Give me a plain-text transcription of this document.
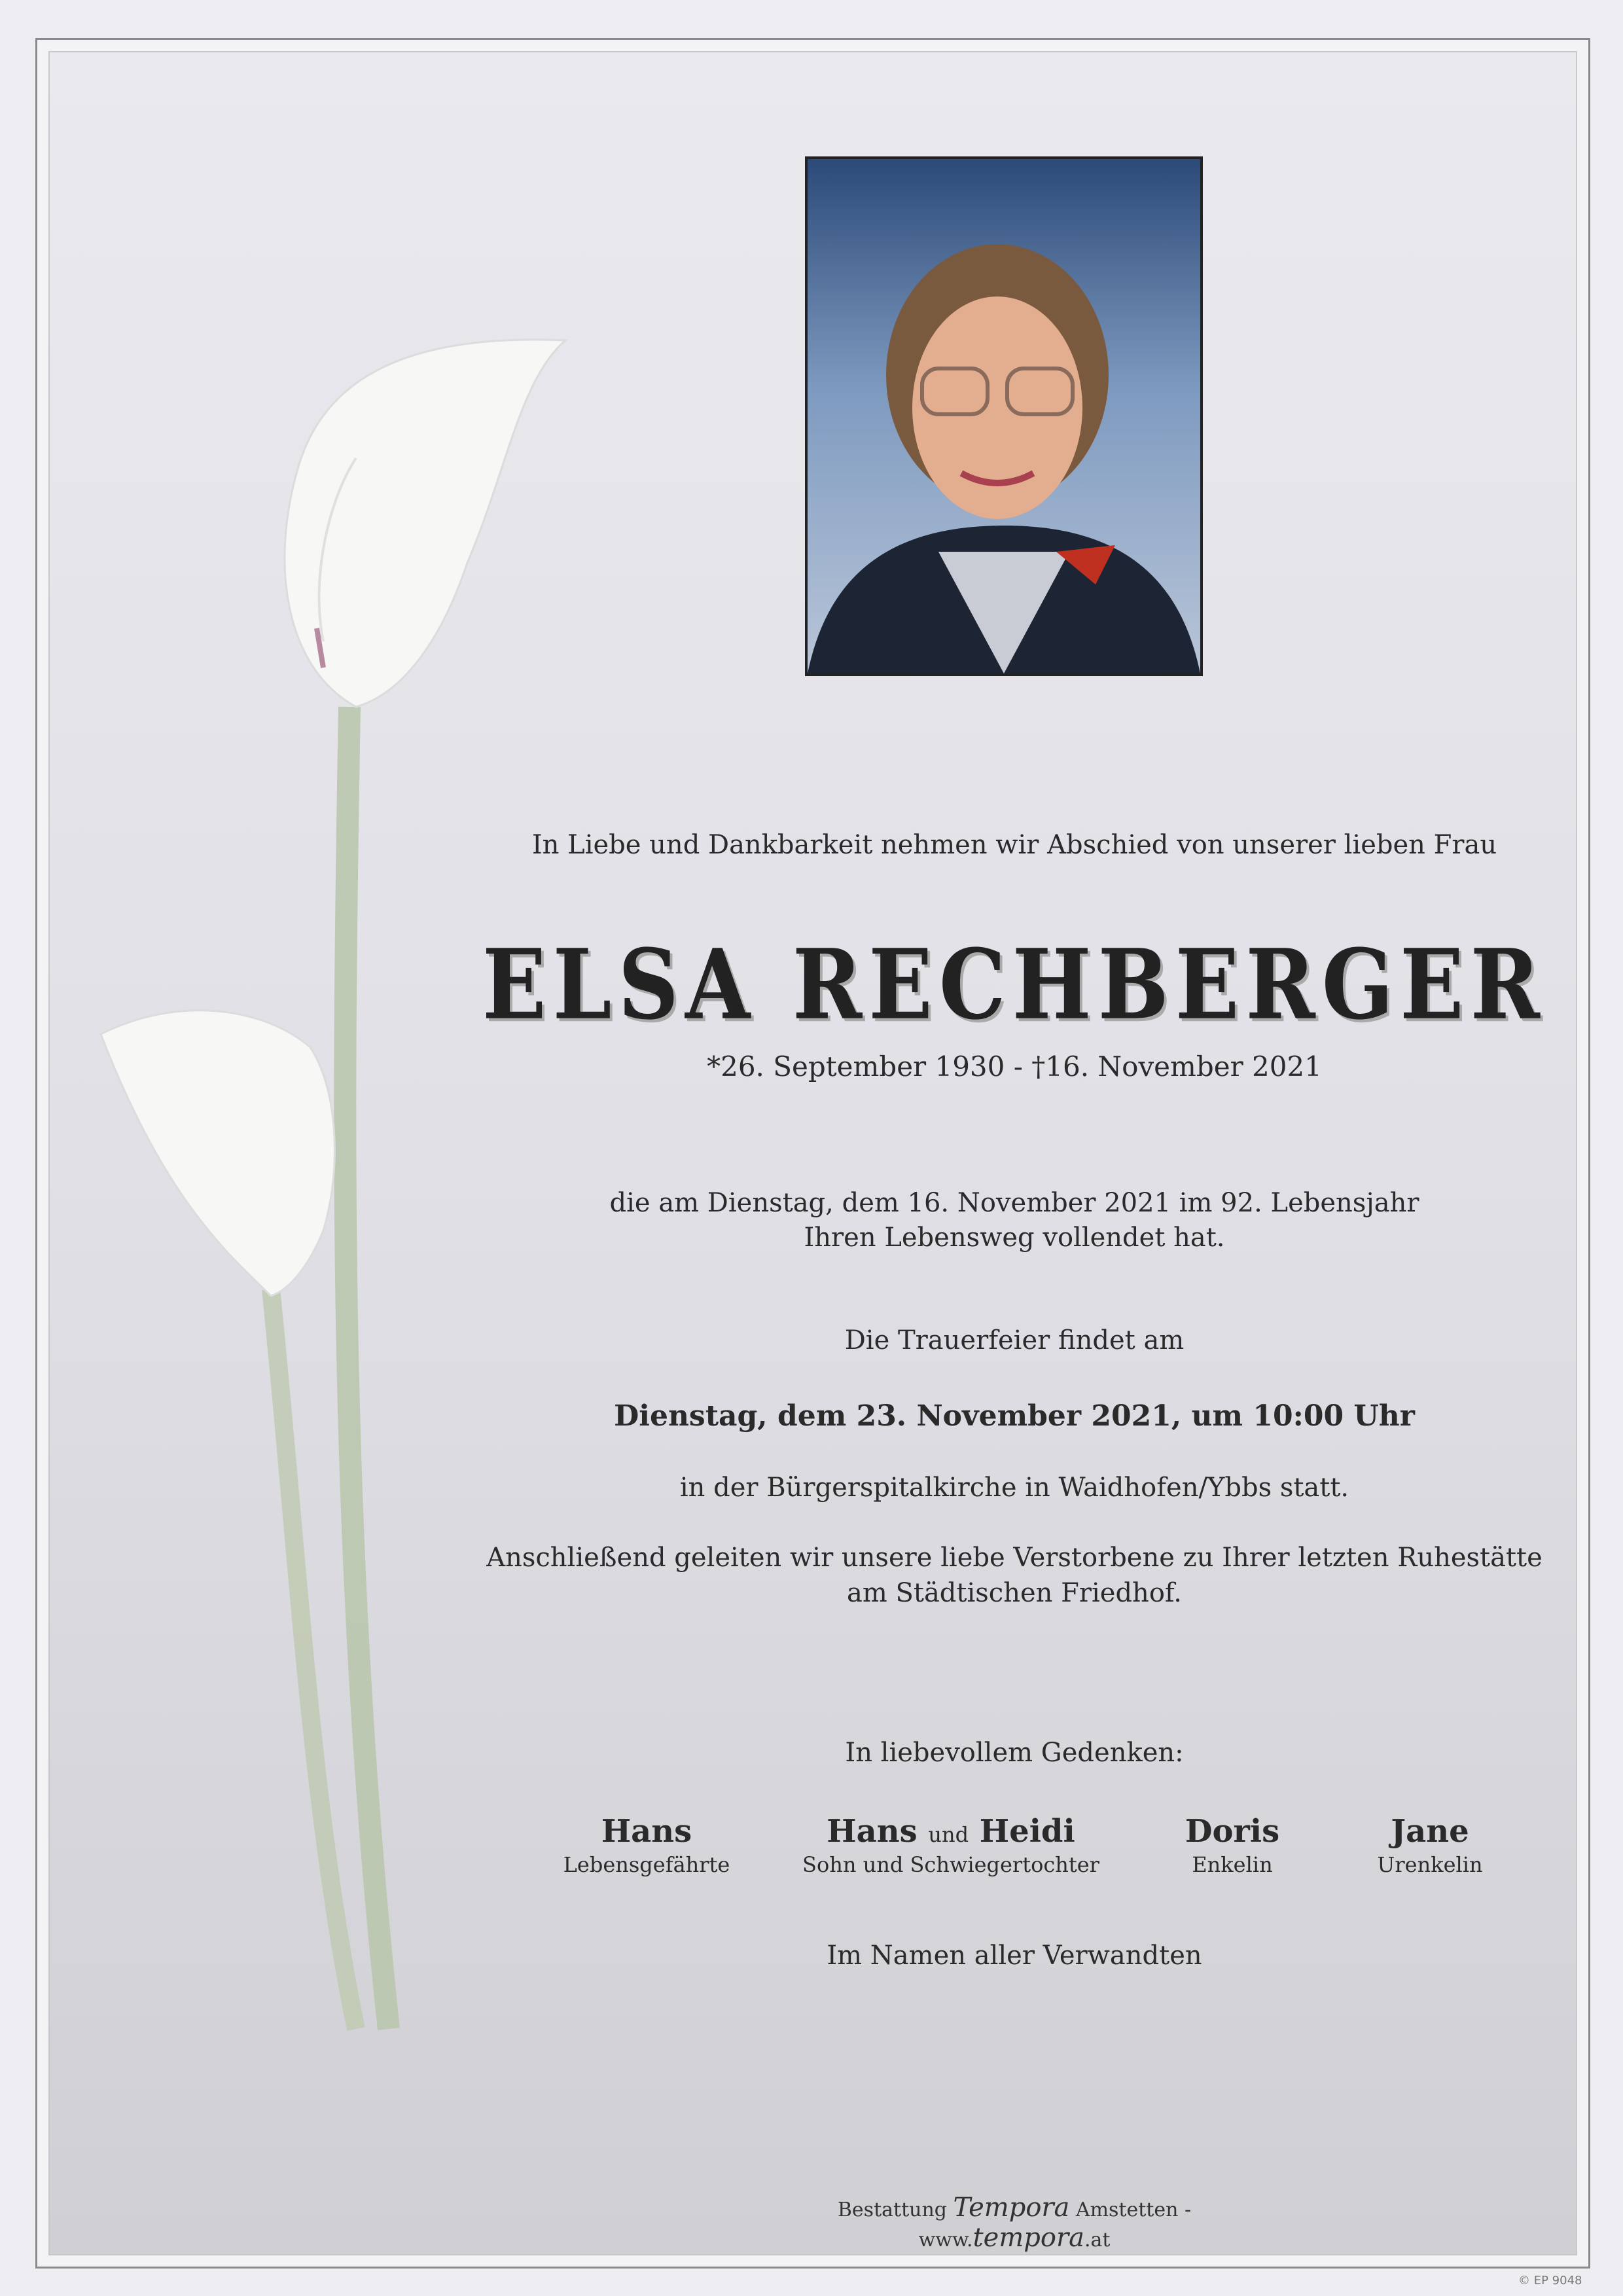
In Liebe und Dankbarkeit nehmen wir Abschied von unserer lieben Frau
ELSA RECHBERGER
*26. September 1930 - †16. November 2021
die am Dienstag, dem 16. November 2021 im 92. Lebensjahr
Ihren Lebensweg vollendet hat.
Die Trauerfeier findet am
Dienstag, dem 23. November 2021, um 10:00 Uhr
in der Bürgerspitalkirche in Waidhofen/Ybbs statt.
Anschließend geleiten wir unsere liebe Verstorbene zu Ihrer letzten Ruhestätte
am Städtischen Friedhof.
In liebevollem Gedenken:
Hans
Lebensgefährte
Hans und Heidi
Sohn und Schwiegertochter
Doris
Enkelin
Jane
Urenkelin
Im Namen aller Verwandten
Bestattung Tempora Amstetten - www.tempora.at
© EP 9048
